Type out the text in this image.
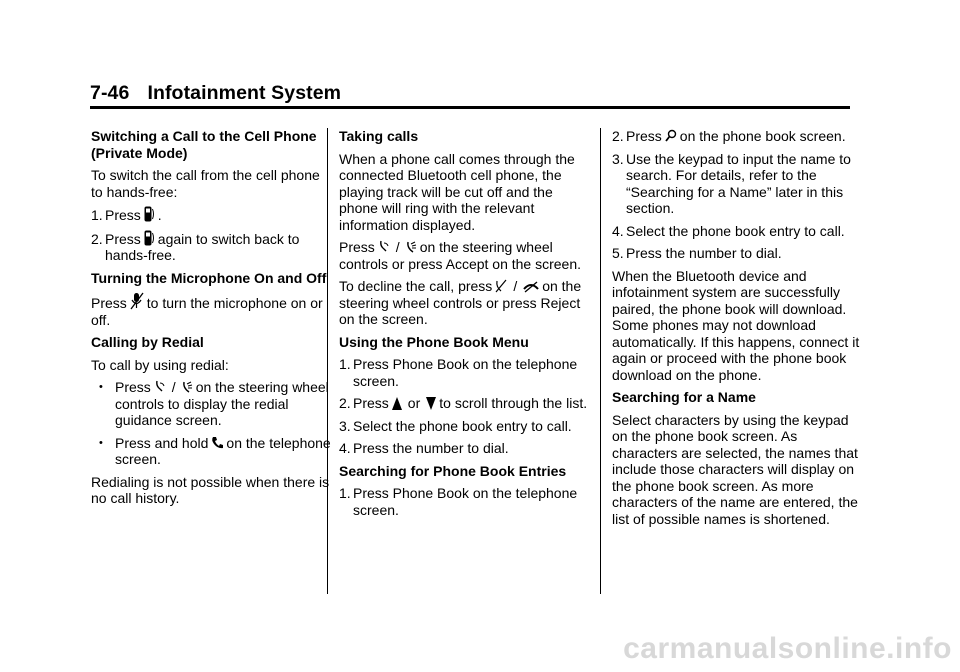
7-46 Infotainment System

Switching a Call to the Cell Phone (Private Mode)

To switch the call from the cell phone to hands-free:

1. Press .

2. Press again to switch back to hands-free.

Turning the Microphone On and Off

Press to turn the microphone on or off.

Calling by Redial

To call by using redial:

• Press / on the steering wheel controls to display the redial guidance screen.
• Press and hold on the telephone screen.

Redialing is not possible when there is no call history.

Taking calls

When a phone call comes through the connected Bluetooth cell phone, the playing track will be cut off and the phone will ring with the relevant information displayed.

Press / on the steering wheel controls or press Accept on the screen.

To decline the call, press / on the steering wheel controls or press Reject on the screen.

Using the Phone Book Menu

1. Press Phone Book on the telephone screen.

2. Press or to scroll through the list.

3. Select the phone book entry to call.

4. Press the number to dial.

Searching for Phone Book Entries

1. Press Phone Book on the telephone screen.

2. Press on the phone book screen.

3. Use the keypad to input the name to search. For details, refer to the “Searching for a Name” later in this section.

4. Select the phone book entry to call.

5. Press the number to dial.

When the Bluetooth device and infotainment system are successfully paired, the phone book will download. Some phones may not download automatically. If this happens, connect it again or proceed with the phone book download on the phone.

Searching for a Name

Select characters by using the keypad on the phone book screen. As characters are selected, the names that include those characters will display on the phone book screen. As more characters of the name are entered, the list of possible names is shortened.

carmanualsonline.info
